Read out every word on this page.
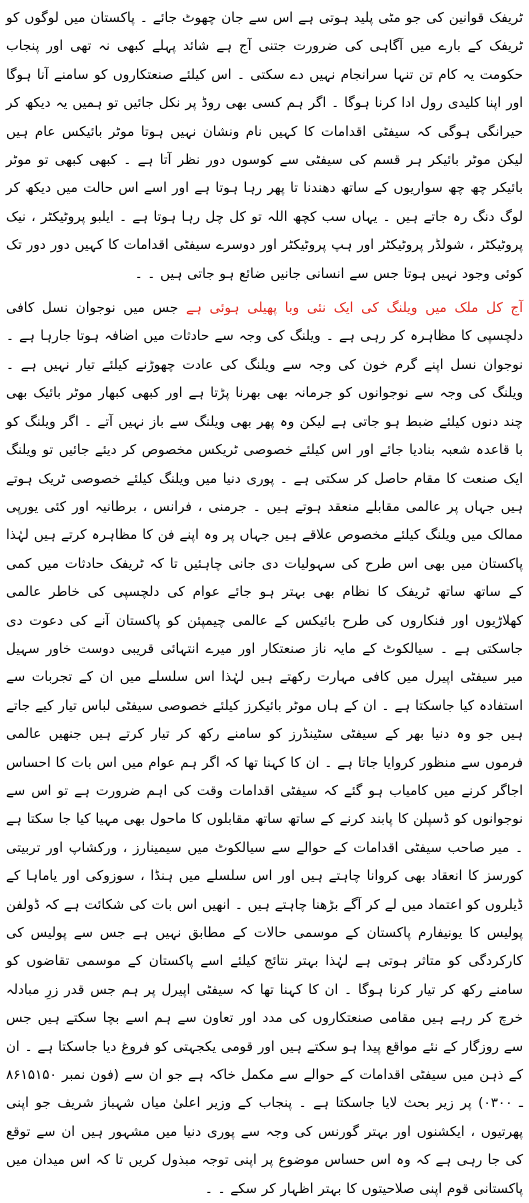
ٹریفک قوانین کی جو مٹی پلید ہوتی ہے اس سے جان چھوٹ جائے ۔ پاکستان میں لوگوں کو ٹریفک کے بارے میں آگاہی کی ضرورت جتنی آج ہے شائد پہلے کبھی نہ تھی اور پنجاب حکومت یہ کام تن تنہا سرانجام نہیں دے سکتی ۔ اس کیلئے صنعتکاروں کو سامنے آنا ہوگا اور اپنا کلیدی رول ادا کرنا ہوگا ۔ اگر ہم کسی بھی روڈ پر نکل جائیں تو ہمیں یہ دیکھ کر حیرانگی ہوگی کہ سیفٹی اقدامات کا کہیں نام ونشان نہیں ہوتا موٹر بائیکس عام ہیں لیکن موٹر بائیکر ہر قسم کی سیفٹی سے کوسوں دور نظر آتا ہے ۔ کبھی کبھی تو موٹر بائیکر چھ چھ سواریوں کے ساتھ دھندنا تا پھر رہا ہوتا ہے اور اسے اس حالت میں دیکھ کر لوگ دنگ رہ جاتے ہیں ۔ یہاں سب کچھ اللہ تو کل چل رہا ہوتا ہے ۔ ایلبو پروٹیکٹر ، نیک پروٹیکٹر ، شولڈر پروٹیکٹر اور ہپ پروٹیکٹر اور دوسرے سیفٹی اقدامات کا کہیں دور دور تک کوئی وجود نہیں ہوتا جس سے انسانی جانیں ضائع ہو جاتی ہیں ۔ ۔

آج کل ملک میں ویلنگ کی ایک نئی وبا پھیلی ہوئی ہے جس میں نوجوان نسل کافی دلچسپی کا مظاہرہ کر رہی ہے ۔ ویلنگ کی وجہ سے حادثات میں اضافہ ہوتا جارہا ہے ۔ نوجوان نسل اپنے گرم خون کی وجہ سے ویلنگ کی عادت چھوڑنے کیلئے تیار نہیں ہے ۔ ویلنگ کی وجہ سے نوجوانوں کو جرمانہ بھی بھرنا پڑتا ہے اور کبھی کبھار موٹر بائیک بھی چند دنوں کیلئے ضبط ہو جاتی ہے لیکن وہ پھر بھی ویلنگ سے باز نہیں آتے ۔ اگر ویلنگ کو با قاعدہ شعبہ بنادیا جائے اور اس کیلئے خصوصی ٹریکس مخصوص کر دیئے جائیں تو ویلنگ ایک صنعت کا مقام حاصل کر سکتی ہے ۔ پوری دنیا میں ویلنگ کیلئے خصوصی ٹریک ہوتے ہیں جہاں پر عالمی مقابلے منعقد ہوتے ہیں ۔ جرمنی ، فرانس ، برطانیہ اور کئی یورپی ممالک میں ویلنگ کیلئے مخصوص علاقے ہیں جہاں پر وہ اپنے فن کا مظاہرہ کرتے ہیں لہٰذا پاکستان میں بھی اس طرح کی سہولیات دی جانی چاہئیں تا کہ ٹریفک حادثات میں کمی کے ساتھ ساتھ ٹریفک کا نظام بھی بہتر ہو جائے عوام کی دلچسپی کی خاطر عالمی کھلاڑیوں اور فنکاروں کی طرح بائیکس کے عالمی چیمپئن کو پاکستان آنے کی دعوت دی جاسکتی ہے ۔ سیالکوٹ کے مایہ ناز صنعتکار اور میرے انتہائی قریبی دوست خاور سہیل میر سیفٹی اپیرل میں کافی مہارت رکھتے ہیں لہٰذا اس سلسلے میں ان کے تجربات سے استفادہ کیا جاسکتا ہے ۔ ان کے ہاں موٹر بائیکرز کیلئے خصوصی سیفٹی لباس تیار کیے جاتے ہیں جو وہ دنیا بھر کے سیفٹی سٹینڈرز کو سامنے رکھ کر تیار کرتے ہیں جنھیں عالمی فرموں سے منظور کروایا جاتا ہے ۔ ان کا کہنا تھا کہ اگر ہم عوام میں اس بات کا احساس اجاگر کرنے میں کامیاب ہو گئے کہ سیفٹی اقدامات وقت کی اہم ضرورت ہے تو اس سے نوجوانوں کو ڈسپلن کا پابند کرنے کے ساتھ ساتھ مقابلوں کا ماحول بھی مہیا کیا جا سکتا ہے ۔ میر صاحب سیفٹی اقدامات کے حوالے سے سیالکوٹ میں سیمینارز ، ورکشاپ اور تربیتی کورسز کا انعقاد بھی کروانا چاہتے ہیں اور اس سلسلے میں ہنڈا ، سوزوکی اور یاماہا کے ڈیلروں کو اعتماد میں لے کر آگے بڑھنا چاہتے ہیں ۔ انھیں اس بات کی شکائت ہے کہ ڈولفن پولیس کا یونیفارم پاکستان کے موسمی حالات کے مطابق نہیں ہے جس سے پولیس کی کارکردگی کو متاثر ہوتی ہے لہٰذا بہتر نتائج کیلئے اسے پاکستان کے موسمی تقاضوں کو سامنے رکھ کر تیار کرنا ہوگا ۔ ان کا کہنا تھا کہ سیفٹی اپیرل پر ہم جس قدر زرِ مبادلہ خرچ کر رہے ہیں مقامی صنعتکاروں کی مدد اور تعاون سے ہم اسے بچا سکتے ہیں جس سے روزگار کے نئے مواقع پیدا ہو سکتے ہیں اور قومی یکجہتی کو فروغ دیا جاسکتا ہے ۔ ان کے ذہن میں سیفٹی اقدامات کے حوالے سے مکمل خاکہ ہے جو ان سے (فون نمبر ۸۶۱۵۱۵۰ ـ ۰۳۰۰) پر زیر بحث لایا جاسکتا ہے ۔ پنجاب کے وزیر اعلیٰ میاں شہباز شریف جو اپنی پھرتیوں ، ایکشنوں اور بہتر گورنس کی وجہ سے پوری دنیا میں مشہور ہیں ان سے توقع کی جا رہی ہے کہ وہ اس حساس موضوع پر اپنی توجہ مبذول کریں تا کہ اس میدان میں پاکستانی قوم اپنی صلاحیتوں کا بہتر اظہار کر سکے ۔ ۔
